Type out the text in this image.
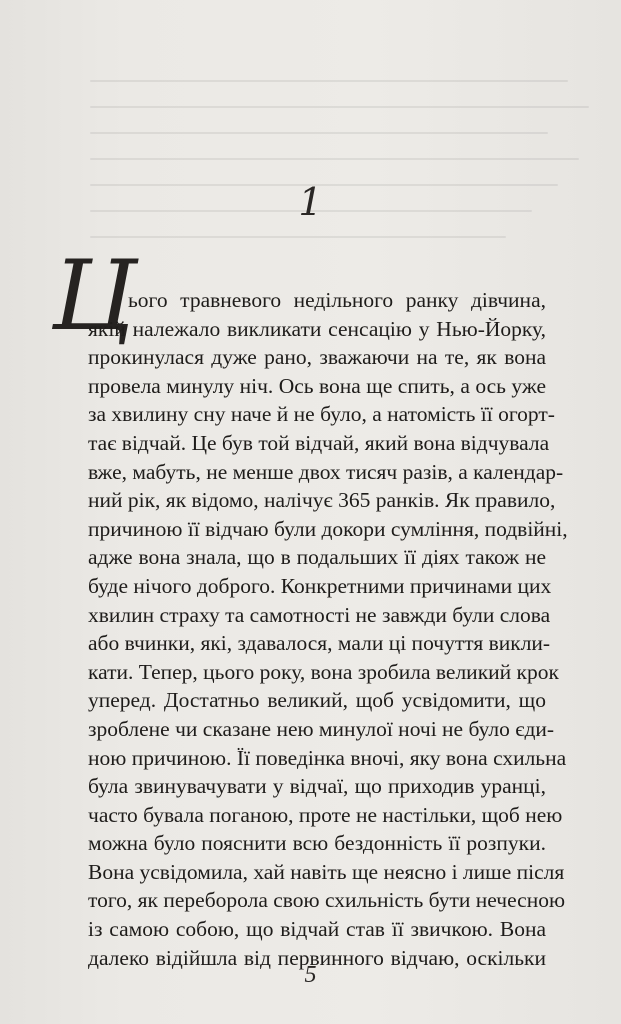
1
Ц
ього травневого недільного ранку дівчина,
якій належало викликати сенсацію у Нью-Йорку,
прокинулася дуже рано, зважаючи на те, як вона
провела минулу ніч. Ось вона ще спить, а ось уже
за хвилину сну наче й не було, а натомість її огорт-
тає відчай. Це був той відчай, який вона відчувала
вже, мабуть, не менше двох тисяч разів, а календар-
ний рік, як відомо, налічує 365 ранків. Як правило,
причиною її відчаю були докори сумління, подвійні,
адже вона знала, що в подальших її діях також не
буде нічого доброго. Конкретними причинами цих
хвилин страху та самотності не завжди були слова
або вчинки, які, здавалося, мали ці почуття викли-
кати. Тепер, цього року, вона зробила великий крок
уперед. Достатньо великий, щоб усвідомити, що
зроблене чи сказане нею минулої ночі не було єди-
ною причиною. Її поведінка вночі, яку вона схильна
була звинувачувати у відчаї, що приходив уранці,
часто бувала поганою, проте не настільки, щоб нею
можна було пояснити всю бездонність її розпуки.
Вона усвідомила, хай навіть ще неясно і лише після
того, як переборола свою схильність бути нечесною
із самою собою, що відчай став її звичкою. Вона
далеко відійшла від первинного відчаю, оскільки
5
